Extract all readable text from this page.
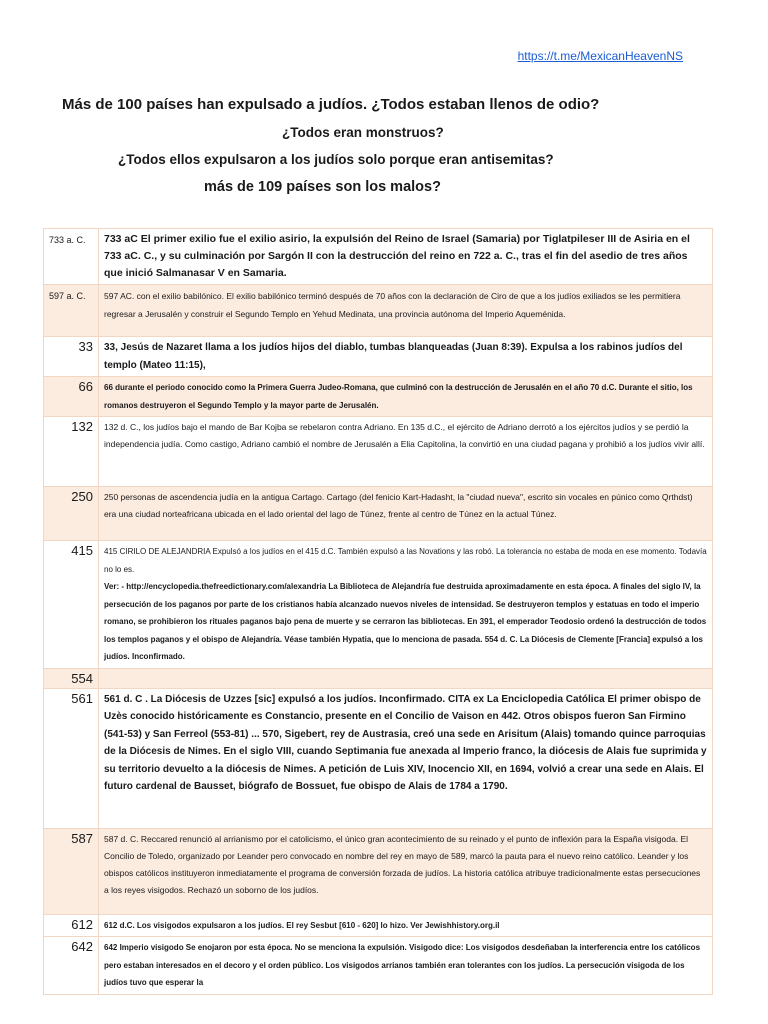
https://t.me/MexicanHeavenNS
Más de 100 países han expulsado a judíos. ¿Todos estaban llenos de odio?
¿Todos eran monstruos?
¿Todos ellos expulsaron a los judíos solo porque eran antisemitas?
más de 109 países son los malos?
733 a. C.	733 aC El primer exilio fue el exilio asirio, la expulsión del Reino de Israel (Samaria) por Tiglatpileser III de Asiria en el 733 aC. C., y su culminación por Sargón II con la destrucción del reino en 722 a. C., tras el fin del asedio de tres años que inició Salmanasar V en Samaria.
597 a. C.	597 AC. con el exilio babilónico. El exilio babilónico terminó después de 70 años con la declaración de Ciro de que a los judíos exiliados se les permitiera regresar a Jerusalén y construir el Segundo Templo en Yehud Medinata, una provincia autónoma del Imperio Aqueménida.
33	33, Jesús de Nazaret llama a los judíos hijos del diablo, tumbas blanqueadas (Juan 8:39). Expulsa a los rabinos judíos del templo (Mateo 11:15),
66	66 durante el periodo conocido como la Primera Guerra Judeo-Romana, que culminó con la destrucción de Jerusalén en el año 70 d.C. Durante el sitio, los romanos destruyeron el Segundo Templo y la mayor parte de Jerusalén.
132	132 d. C., los judíos bajo el mando de Bar Kojba se rebelaron contra Adriano. En 135 d.C., el ejército de Adriano derrotó a los ejércitos judíos y se perdió la independencia judía. Como castigo, Adriano cambió el nombre de Jerusalén a Elia Capitolina, la convirtió en una ciudad pagana y prohibió a los judíos vivir allí.
250	250 personas de ascendencia judía en la antigua Cartago. Cartago (del fenicio Kart-Hadasht, la "ciudad nueva", escrito sin vocales en púnico como Qrthdst) era una ciudad norteafricana ubicada en el lado oriental del lago de Túnez, frente al centro de Túnez en la actual Túnez.
415	415 CIRILO DE ALEJANDRIA Expulsó a los judíos en el 415 d.C. También expulsó a las Novations y las robó. La tolerancia no estaba de moda en ese momento. Todavía no lo es.
Ver: - http://encyclopedia.thefreedictionary.com/alexandria La Biblioteca de Alejandría fue destruida aproximadamente en esta época. A finales del siglo IV, la persecución de los paganos por parte de los cristianos había alcanzado nuevos niveles de intensidad. Se destruyeron templos y estatuas en todo el imperio romano, se prohibieron los rituales paganos bajo pena de muerte y se cerraron las bibliotecas. En 391, el emperador Teodosio ordenó la destrucción de todos los templos paganos y el obispo de Alejandría. Véase también Hypatia, que lo menciona de pasada. 554 d. C. La Diócesis de Clemente [Francia] expulsó a los judíos. Inconfirmado.

554	
561	561 d. C . La Diócesis de Uzzes [sic] expulsó a los judíos. Inconfirmado. CITA ex La Enciclopedia Católica El primer obispo de Uzès conocido históricamente es Constancio, presente en el Concilio de Vaison en 442. Otros obispos fueron San Firmino (541-53) y San Ferreol (553-81) ... 570, Sigebert, rey de Austrasia, creó una sede en Arisitum (Alais) tomando quince parroquias de la Diócesis de Nimes. En el siglo VIII, cuando Septimania fue anexada al Imperio franco, la diócesis de Alais fue suprimida y su territorio devuelto a la diócesis de Nimes. A petición de Luis XIV, Inocencio XII, en 1694, volvió a crear una sede en Alais. El futuro cardenal de Bausset, biógrafo de Bossuet, fue obispo de Alais de 1784 a 1790.
587	587 d. C. Reccared renunció al arrianismo por el catolicismo, el único gran acontecimiento de su reinado y el punto de inflexión para la España visigoda. El Concilio de Toledo, organizado por Leander pero convocado en nombre del rey en mayo de 589, marcó la pauta para el nuevo reino católico. Leander y los obispos católicos instituyeron inmediatamente el programa de conversión forzada de judíos. La historia católica atribuye tradicionalmente estas persecuciones a los reyes visigodos. Rechazó un soborno de los judíos.
612	612 d.C. Los visigodos expulsaron a los judíos. El rey Sesbut [610 - 620] lo hizo. Ver Jewishhistory.org.il
642	642 Imperio visigodo Se enojaron por esta época. No se menciona la expulsión. Visigodo dice: Los visigodos desdeñaban la interferencia entre los católicos pero estaban interesados en el decoro y el orden público. Los visigodos arrianos también eran tolerantes con los judíos. La persecución visigoda de los judíos tuvo que esperar la
